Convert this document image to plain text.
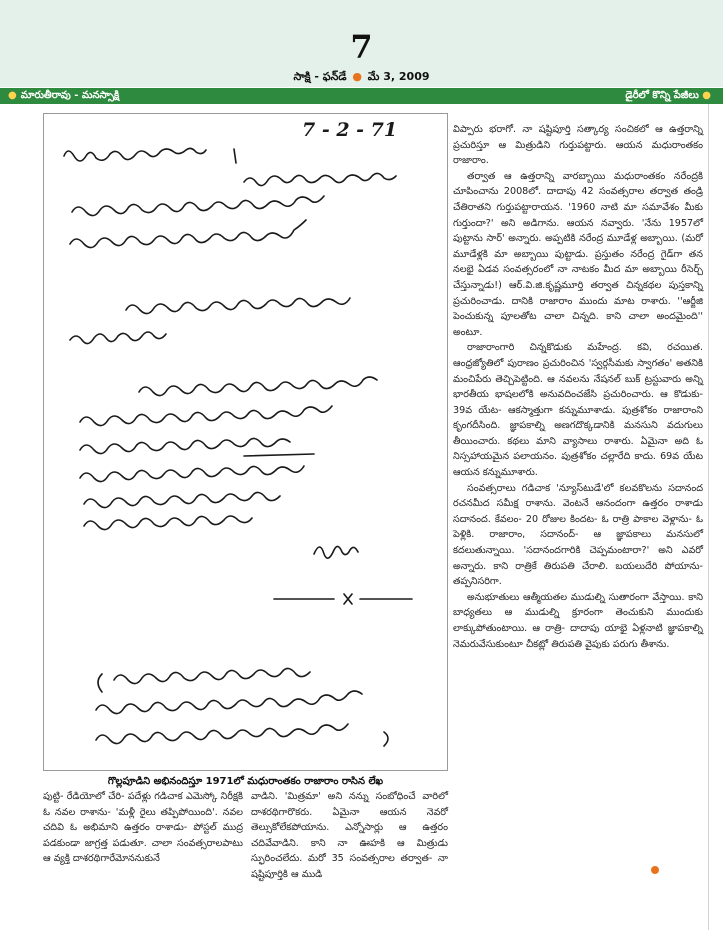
7
సాక్షి - ఫన్‌డే ● మే 3, 2009
● మారుతీరావు - మనస్సాక్షి	డైరీలో కొన్ని పేజీలు ●
7 - 2 - 71
గొల్లపూడిని అభినందిస్తూ 1971లో మధురాంతకం రాజారాం రాసిన లేఖ

విప్పారు భరాగో. నా షష్టిపూర్తి సత్కార్య సంచికలో ఆ ఉత్తరాన్ని ప్రచురిస్తూ ఆ మిత్రుడిని గుర్తుపట్టారు. ఆయన మధురాంతకం రాజారాం.

తర్వాత ఆ ఉత్తరాన్ని వారబ్బాయి మధురాంతకం నరేంద్రకి చూపించాను 2008లో. దాదాపు 42 సంవత్సరాల తర్వాత తండ్రి చేతిరాతని గుర్తుపట్టారాయన. '1960 నాటి మా సమావేశం మీకు గుర్తుందా?' అని అడిగాను. ఆయన నవ్వారు. 'నేను 1957లో పుట్టాను సార్‌' అన్నారు. అప్పటికి నరేంద్ర మూడేళ్ల అబ్బాయి. (మరో మూడేళ్లకి మా అబ్బాయి పుట్టాడు. ప్రస్తుతం నరేంద్ర గైడ్‌గా తన నలభై ఏడవ సంవత్సరంలో నా నాటకం మీద మా అబ్బాయి రీసెర్చ్‌ చేస్తున్నాడు!) ఆర్‌.వి.జి.కృష్ణమూర్తి తర్వాత చిన్నకథల పుస్తకాన్ని ప్రచురించాడు. దానికి రాజారాం ముందు మాట రాశారు. ''ఆర్జీజి పెంచుకున్న పూలతోట చాలా చిన్నది. కాని చాలా అందమైంది'' అంటూ.

రాజారాంగారి చిన్నకొడుకు మహేంద్ర. కవి, రచయిత. ఆంధ్రజ్యోతిలో పురాణం ప్రచురించిన 'స్వర్గసీమకు స్వాగతం' అతనికి మంచిపేరు తెచ్చిపెట్టింది. ఆ నవలను నేషనల్‌ బుక్‌ ట్రస్టువారు అన్ని భారతీయ భాషలలోకి అనువదించజేసి ప్రచురించారు. ఆ కొడుకు- 39వ యేట- ఆకస్మాత్తుగా కన్నుమూశాడు. పుత్రశోకం రాజారాంని కృంగదీసింది. జ్ఞాపకాల్ని అణగదొక్కడానికి మనసుని వదుగులు తీయించారు. కథలు మాని వ్యాసాలు రాశారు. ఏమైనా అది ఓ నిస్సహాయమైన పలాయనం. పుత్రశోకం చల్లారేది కాదు. 69వ యేట ఆయన కన్నుమూశారు.

సంవత్సరాలు గడిచాక 'న్యూస్‌టుడే'లో కలవకొలను సదానంద రచనమీద సమీక్ష రాశాను. వెంటనే ఆనందంగా ఉత్తరం రాశాడు సదానంద. కేవలం- 20 రోజుల కిందట- ఓ రాత్రి పాకాల వెళ్లాను- ఓ పెళ్లికి. రాజారాం, సదానంద్‌- ఆ జ్ఞాపకాలు మనసులో కదలుతున్నాయి. 'సదానందగారికి చెప్పమంటారా?' అని ఎవరో అన్నారు. కాని రాత్రికే తిరుపతి చేరాలి. బయలుదేరి పోయాను- తప్పనిసరిగా.

అనుభూతులు ఆత్మీయతల ముడుల్ని సుతారంగా వేస్తాయి. కాని బాధ్యతలు ఆ ముడుల్ని క్రూరంగా తెంచుకుని ముందుకు లాక్కుపోతుంటాయి. ఆ రాత్రి- దాదాపు యాభై ఏళ్లనాటి జ్ఞాపకాల్ని నెమరువేసుకుంటూ చీకట్లో తిరుపతి వైపుకు పరుగు తీశాను.

పుట్టి- రేడియోలో చేరి- పదేళ్లు గడిచాక ఎమెస్కో నిరీక్షకి ఓ నవల రాశాను- 'మళ్లీ రైలు తప్పిపోయింది'. నవల చదివి ఓ అభిమాని ఉత్తరం రాశాడు- పోస్టల్‌ ముద్ర పడకుండా జాగ్రత్త పడుతూ. చాలా సంవత్సరాలపాటు ఆ వ్యక్తి దాశరథిగారేమోననుకునే

వాడిని. 'మిత్రమా' అని నన్ను సంబోధించే వారిలో దాశరథిగారొకరు. ఏమైనా ఆయన నెవరో తెల్సుకోలేకపోయాను. ఎన్నోసార్లు ఆ ఉత్తరం చదివేవాడిని. కాని నా ఊహకి ఆ మిత్రుడు స్ఫురించలేదు. మరో 35 సంవత్సరాల తర్వాత- నా షష్టిపూర్తికి ఆ ముడి
